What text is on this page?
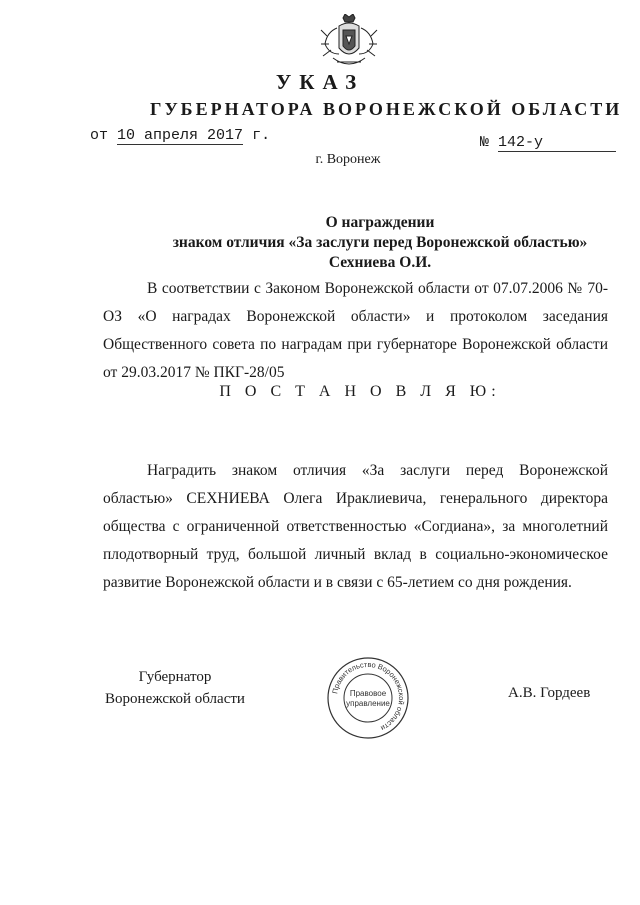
УКАЗ
ГУБЕРНАТОРА ВОРОНЕЖСКОЙ ОБЛАСТИ
от 10 апреля 2017 г.	№ 142-у
г. Воронеж
О награждении
знаком отличия «За заслуги перед Воронежской областью»
Сехниева О.И.
В соответствии с Законом Воронежской области от 07.07.2006 № 70-ОЗ «О наградах Воронежской области» и протоколом заседания Общественного совета по наградам при губернаторе Воронежской области от 29.03.2017 № ПКГ-28/05
П О С Т А Н О В Л Я Ю:
Наградить знаком отличия «За заслуги перед Воронежской областью» СЕХНИЕВА Олега Ираклиевича, генерального директора общества с ограниченной ответственностью «Согдиана», за многолетний плодотворный труд, большой личный вклад в социально-экономическое развитие Воронежской области и в связи с 65-летием со дня рождения.
Губернатор
Воронежской области
Правительство Воронежской области
Правовое
управление
А.В. Гордеев
